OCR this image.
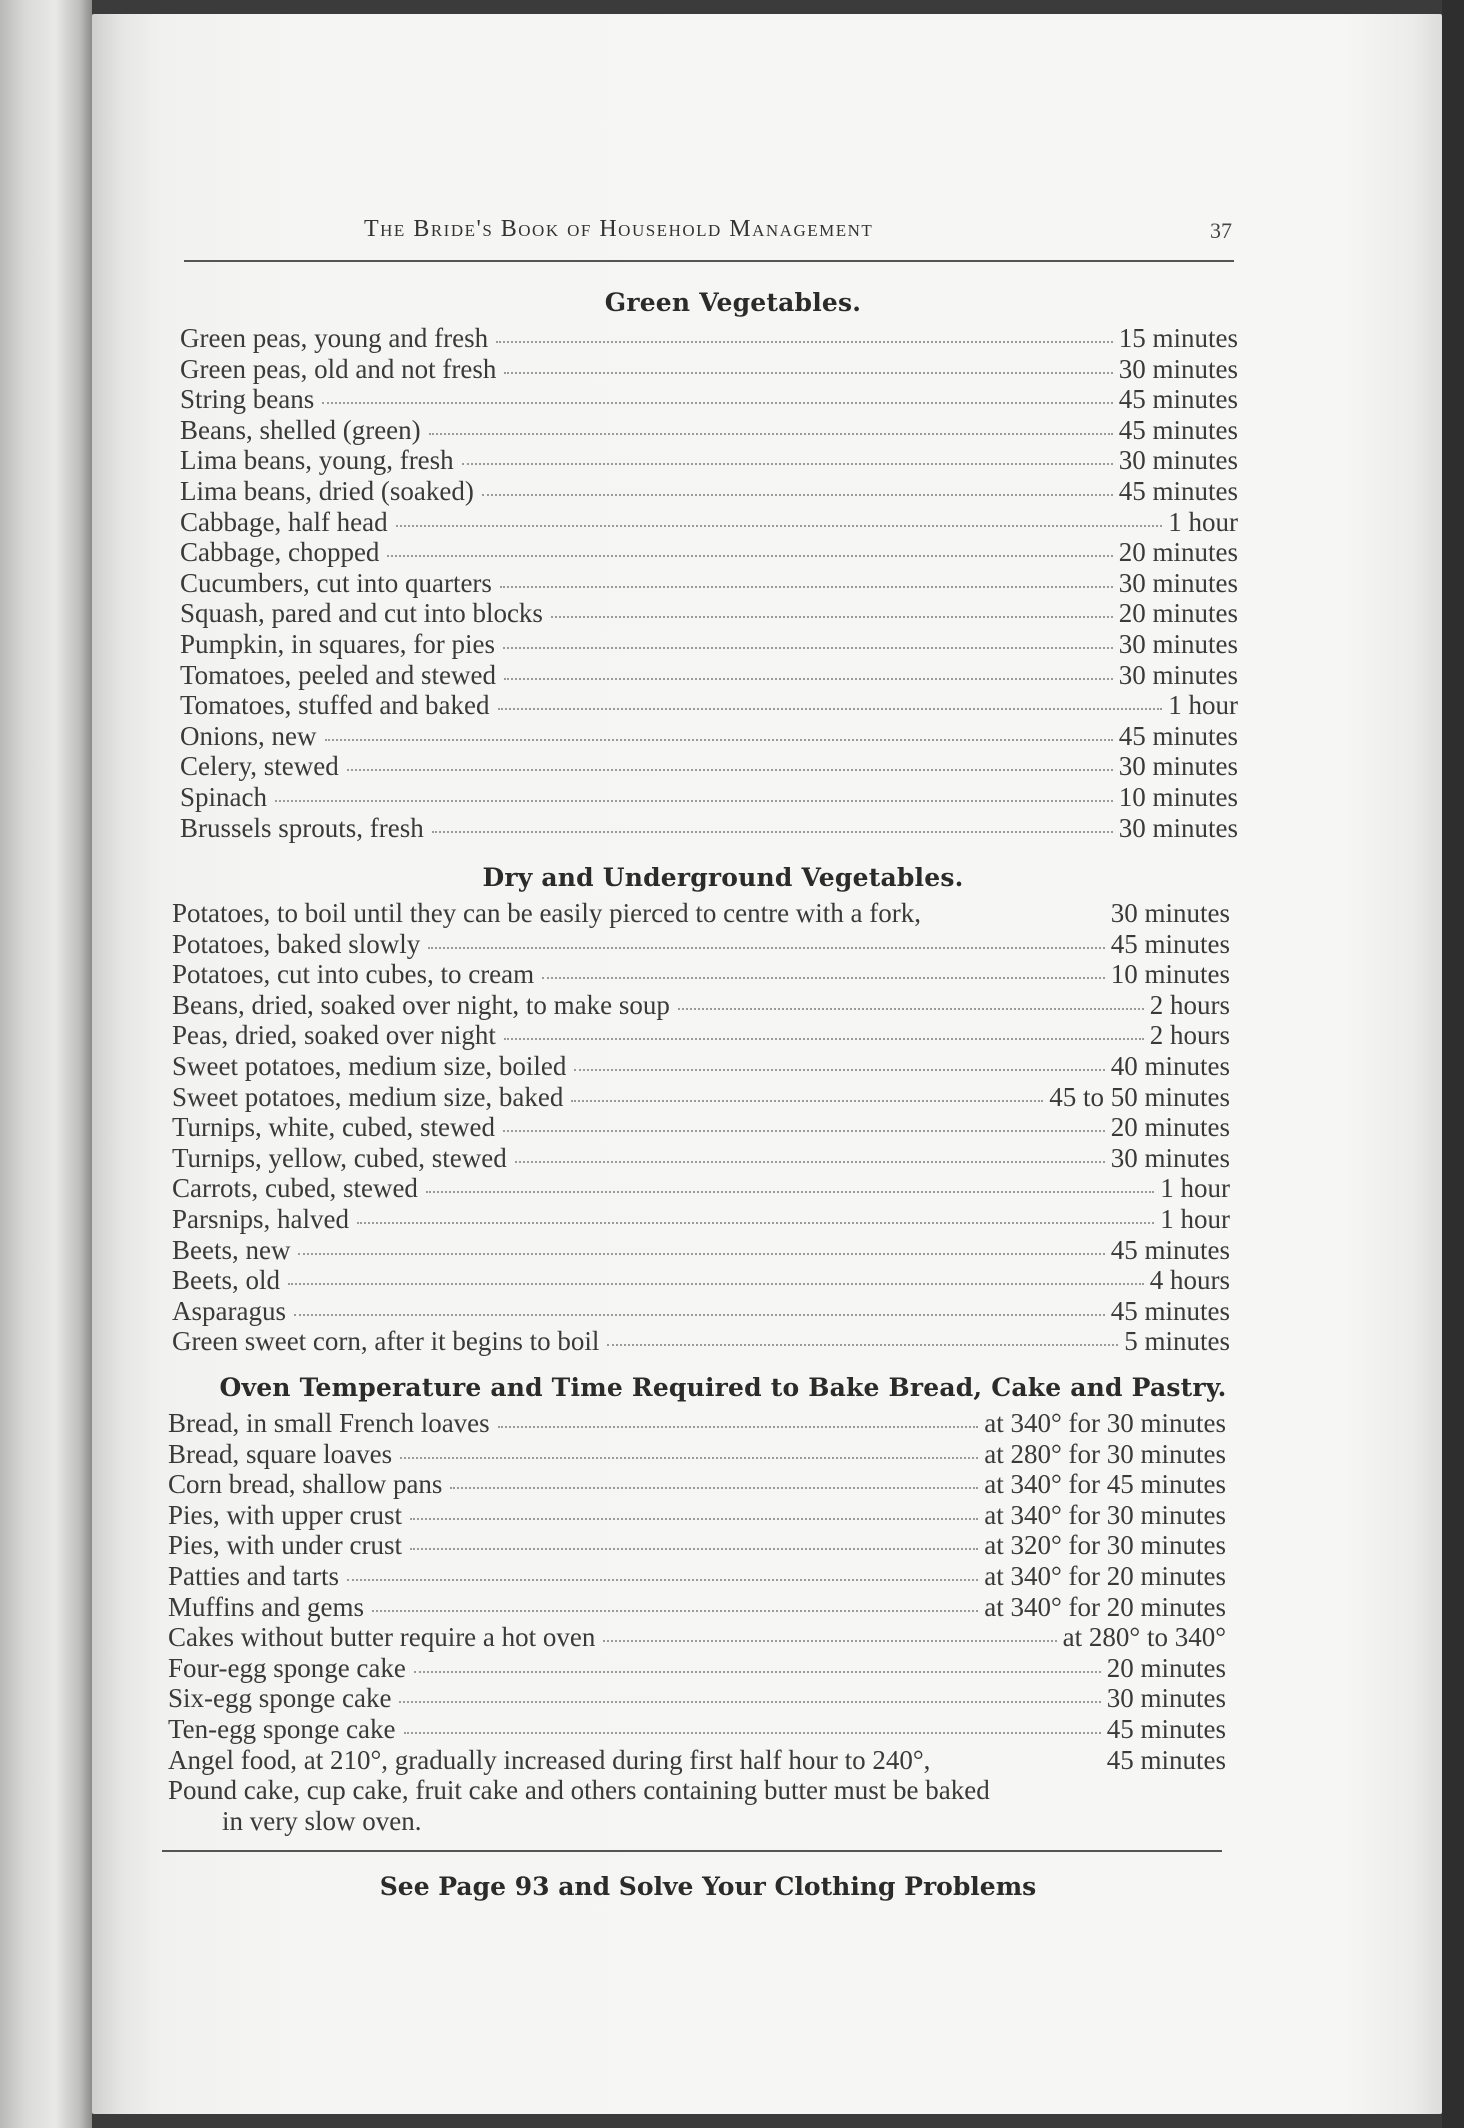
The Bride's Book of Household Management	37
Green Vegetables.
Green peas, young and fresh	15 minutes
Green peas, old and not fresh	30 minutes
String beans	45 minutes
Beans, shelled (green)	45 minutes
Lima beans, young, fresh	30 minutes
Lima beans, dried (soaked)	45 minutes
Cabbage, half head	1 hour
Cabbage, chopped	20 minutes
Cucumbers, cut into quarters	30 minutes
Squash, pared and cut into blocks	20 minutes
Pumpkin, in squares, for pies	30 minutes
Tomatoes, peeled and stewed	30 minutes
Tomatoes, stuffed and baked	1 hour
Onions, new	45 minutes
Celery, stewed	30 minutes
Spinach	10 minutes
Brussels sprouts, fresh	30 minutes
Dry and Underground Vegetables.
Potatoes, to boil until they can be easily pierced to centre with a fork,	30 minutes
Potatoes, baked slowly	45 minutes
Potatoes, cut into cubes, to cream	10 minutes
Beans, dried, soaked over night, to make soup	2 hours
Peas, dried, soaked over night	2 hours
Sweet potatoes, medium size, boiled	40 minutes
Sweet potatoes, medium size, baked	45 to 50 minutes
Turnips, white, cubed, stewed	20 minutes
Turnips, yellow, cubed, stewed	30 minutes
Carrots, cubed, stewed	1 hour
Parsnips, halved	1 hour
Beets, new	45 minutes
Beets, old	4 hours
Asparagus	45 minutes
Green sweet corn, after it begins to boil	5 minutes
Oven Temperature and Time Required to Bake Bread, Cake and Pastry.
Bread, in small French loaves	at 340° for 30 minutes
Bread, square loaves	at 280° for 30 minutes
Corn bread, shallow pans	at 340° for 45 minutes
Pies, with upper crust	at 340° for 30 minutes
Pies, with under crust	at 320° for 30 minutes
Patties and tarts	at 340° for 20 minutes
Muffins and gems	at 340° for 20 minutes
Cakes without butter require a hot oven	at 280° to 340°
Four-egg sponge cake	20 minutes
Six-egg sponge cake	30 minutes
Ten-egg sponge cake	45 minutes
Angel food, at 210°, gradually increased during first half hour to 240°,	45 minutes
Pound cake, cup cake, fruit cake and others containing butter must be baked
in very slow oven.
See Page 93 and Solve Your Clothing Problems
